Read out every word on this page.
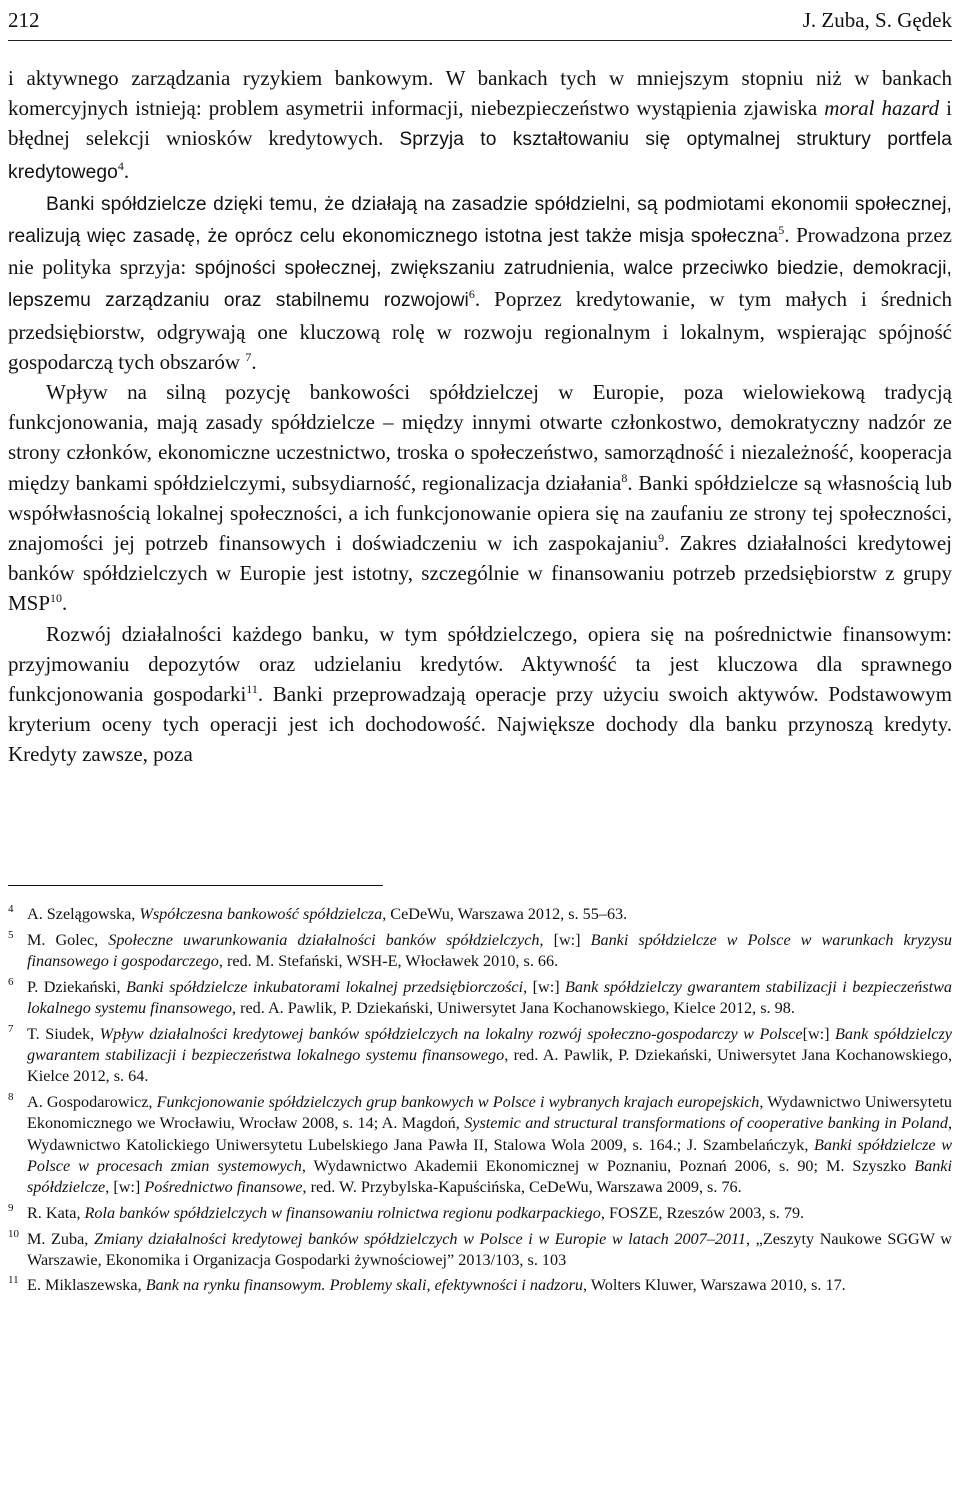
212	J. Zuba, S. Gędek

i aktywnego zarządzania ryzykiem bankowym. W bankach tych w mniejszym stopniu niż w bankach komercyjnych istnieją: problem asymetrii informacji, niebezpieczeństwo wystąpienia zjawiska moral hazard i błędnej selekcji wniosków kredytowych. Sprzyja to kształtowaniu się optymalnej struktury portfela kredytowego$^4$.

Banki spółdzielcze dzięki temu, że działają na zasadzie spółdzielni, są podmiotami ekonomii społecznej, realizują więc zasadę, że oprócz celu ekonomicznego istotna jest także misja społeczna$^5$. Prowadzona przez nie polityka sprzyja: spójności społecznej, zwiększaniu zatrudnienia, walce przeciwko biedzie, demokracji, lepszemu zarządzaniu oraz stabilnemu rozwojowi$^6$. Poprzez kredytowanie, w tym małych i średnich przedsiębiorstw, odgrywają one kluczową rolę w rozwoju regionalnym i lokalnym, wspierając spójność gospodarczą tych obszarów $^7$.

Wpływ na silną pozycję bankowości spółdzielczej w Europie, poza wielowiekową tradycją funkcjonowania, mają zasady spółdzielcze – między innymi otwarte członkostwo, demokratyczny nadzór ze strony członków, ekonomiczne uczestnictwo, troska o społeczeństwo, samorządność i niezależność, kooperacja między bankami spółdzielczymi, subsydiarność, regionalizacja działania$^8$. Banki spółdzielcze są własnością lub współwłasnością lokalnej społeczności, a ich funkcjonowanie opiera się na zaufaniu ze strony tej społeczności, znajomości jej potrzeb finansowych i doświadczeniu w ich zaspokajaniu$^9$. Zakres działalności kredytowej banków spółdzielczych w Europie jest istotny, szczególnie w finansowaniu potrzeb przedsiębiorstw z grupy MSP$^{10}$.

Rozwój działalności każdego banku, w tym spółdzielczego, opiera się na pośrednictwie finansowym: przyjmowaniu depozytów oraz udzielaniu kredytów. Aktywność ta jest kluczowa dla sprawnego funkcjonowania gospodarki$^{11}$. Banki przeprowadzają operacje przy użyciu swoich aktywów. Podstawowym kryterium oceny tych operacji jest ich dochodowość. Największe dochody dla banku przynoszą kredyty. Kredyty zawsze, poza

4 A. Szelągowska, Współczesna bankowość spółdzielcza, CeDeWu, Warszawa 2012, s. 55–63.
5 M. Golec, Społeczne uwarunkowania działalności banków spółdzielczych, [w:] Banki spółdzielcze w Polsce w warunkach kryzysu finansowego i gospodarczego, red. M. Stefański, WSH-E, Włocławek 2010, s. 66.
6 P. Dziekański, Banki spółdzielcze inkubatorami lokalnej przedsiębiorczości, [w:] Bank spółdzielczy gwarantem stabilizacji i bezpieczeństwa lokalnego systemu finansowego, red. A. Pawlik, P. Dziekański, Uniwersytet Jana Kochanowskiego, Kielce 2012, s. 98.
7 T. Siudek, Wpływ działalności kredytowej banków spółdzielczych na lokalny rozwój społeczno-gospodarczy w Polsce[w:] Bank spółdzielczy gwarantem stabilizacji i bezpieczeństwa lokalnego systemu finansowego, red. A. Pawlik, P. Dziekański, Uniwersytet Jana Kochanowskiego, Kielce 2012, s. 64.
8 A. Gospodarowicz, Funkcjonowanie spółdzielczych grup bankowych w Polsce i wybranych krajach europejskich, Wydawnictwo Uniwersytetu Ekonomicznego we Wrocławiu, Wrocław 2008, s. 14; A. Magdoń, Systemic and structural transformations of cooperative banking in Poland, Wydawnictwo Katolickiego Uniwersytetu Lubelskiego Jana Pawła II, Stalowa Wola 2009, s. 164.; J. Szambelańczyk, Banki spółdzielcze w Polsce w procesach zmian systemowych, Wydawnictwo Akademii Ekonomicznej w Poznaniu, Poznań 2006, s. 90; M. Szyszko Banki spółdzielcze, [w:] Pośrednictwo finansowe, red. W. Przybylska-Kapuścińska, CeDeWu, Warszawa 2009, s. 76.
9 R. Kata, Rola banków spółdzielczych w finansowaniu rolnictwa regionu podkarpackiego, FOSZE, Rzeszów 2003, s. 79.
10 M. Zuba, Zmiany działalności kredytowej banków spółdzielczych w Polsce i w Europie w latach 2007–2011, „Zeszyty Naukowe SGGW w Warszawie, Ekonomika i Organizacja Gospodarki żywnościowej” 2013/103, s. 103
11 E. Miklaszewska, Bank na rynku finansowym. Problemy skali, efektywności i nadzoru, Wolters Kluwer, Warszawa 2010, s. 17.
